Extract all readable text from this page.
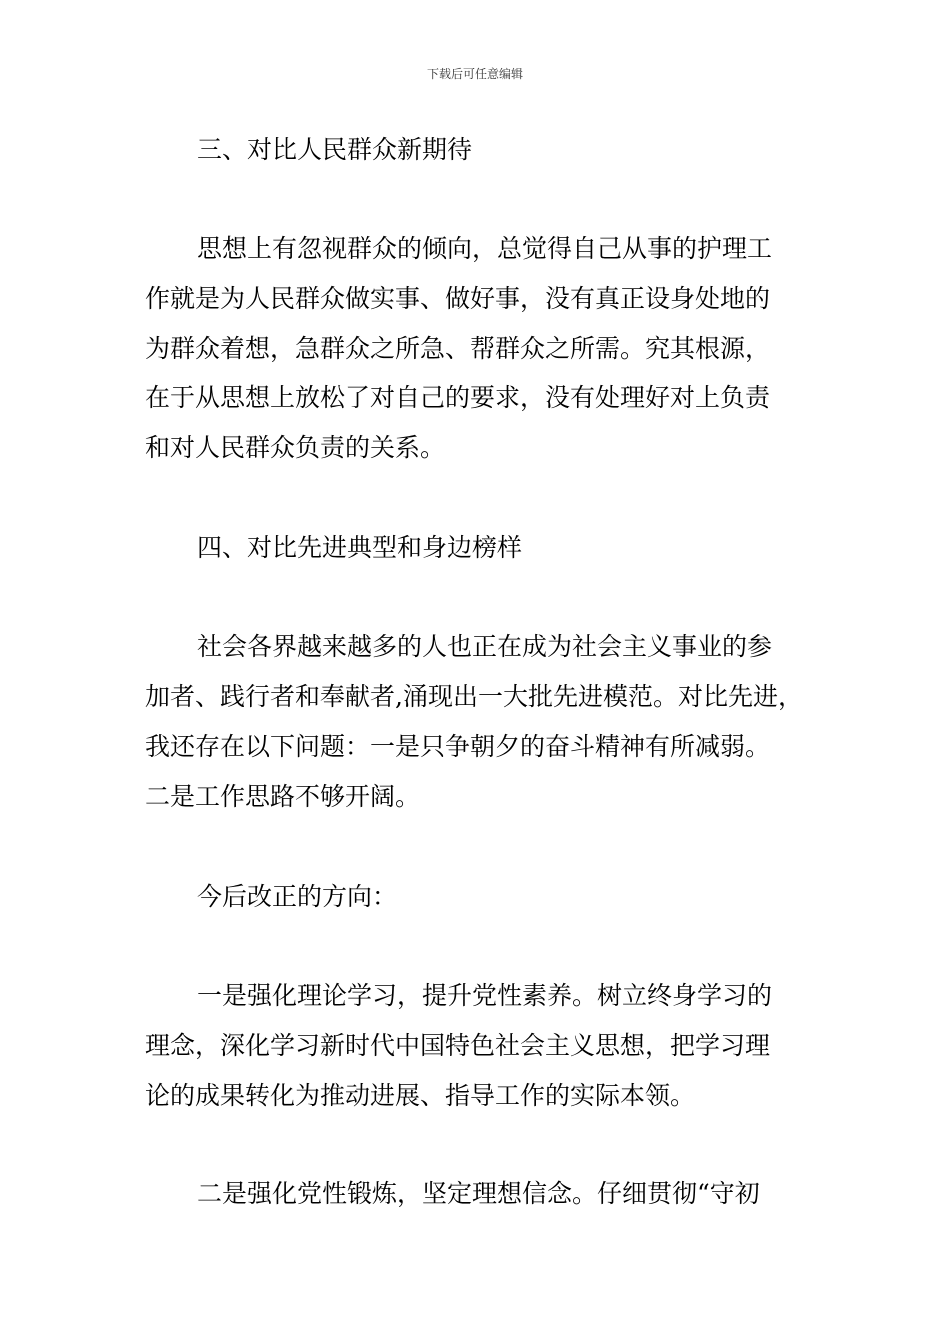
下载后可任意编辑
三、对比人民群众新期待
思想上有忽视群众的倾向，总觉得自己从事的护理工
作就是为人民群众做实事、做好事，没有真正设身处地的
为群众着想，急群众之所急、帮群众之所需。究其根源，
在于从思想上放松了对自己的要求，没有处理好对上负责
和对人民群众负责的关系。
四、对比先进典型和身边榜样
社会各界越来越多的人也正在成为社会主义事业的参
加者、践行者和奉献者,涌现出一大批先进模范。对比先进，
我还存在以下问题：一是只争朝夕的奋斗精神有所减弱。
二是工作思路不够开阔。
今后改正的方向：
一是强化理论学习，提升党性素养。树立终身学习的
理念，深化学习新时代中国特色社会主义思想，把学习理
论的成果转化为推动进展、指导工作的实际本领。
二是强化党性锻炼，坚定理想信念。仔细贯彻“守初
